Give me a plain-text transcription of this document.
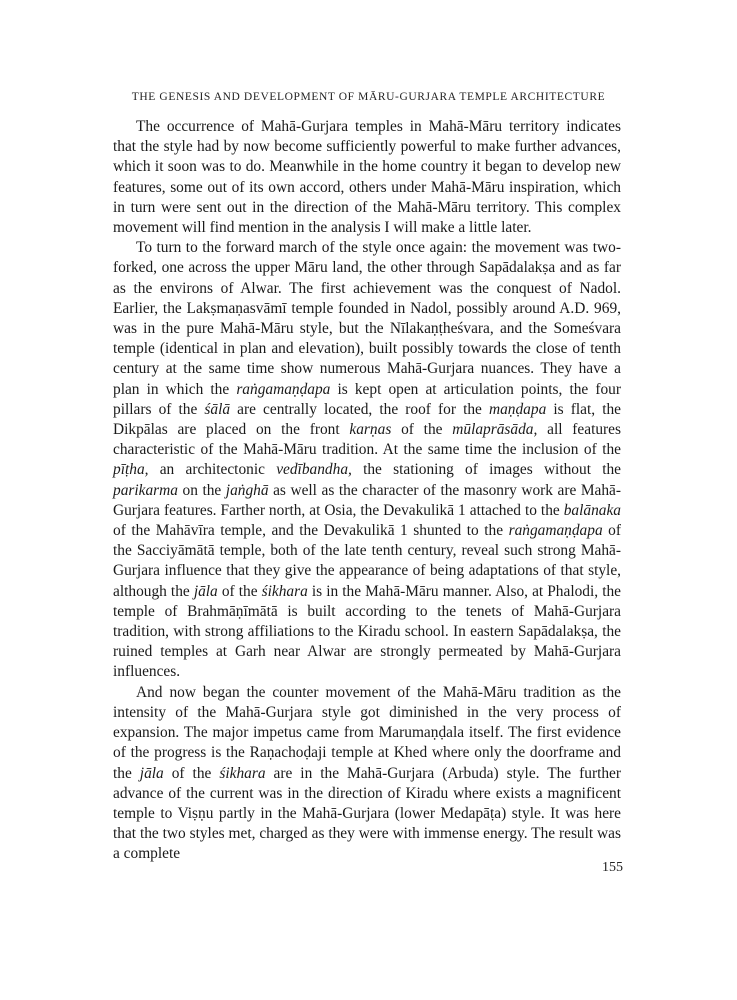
THE GENESIS AND DEVELOPMENT OF MĀRU-GURJARA TEMPLE ARCHITECTURE

The occurrence of Mahā-Gurjara temples in Mahā-Māru territory indicates that the style had by now become sufficiently powerful to make further advances, which it soon was to do. Meanwhile in the home country it began to develop new features, some out of its own accord, others under Mahā-Māru inspiration, which in turn were sent out in the direction of the Mahā-Māru territory. This complex movement will find mention in the analysis I will make a little later.

To turn to the forward march of the style once again: the movement was two-forked, one across the upper Māru land, the other through Sapādalakṣa and as far as the environs of Alwar. The first achievement was the conquest of Nadol. Earlier, the Lakṣmaṇasvāmī temple founded in Nadol, possibly around A.D. 969, was in the pure Mahā-Māru style, but the Nīlakaṇṭheśvara, and the Someśvara temple (identical in plan and elevation), built possibly towards the close of tenth century at the same time show numerous Mahā-Gurjara nuances. They have a plan in which the raṅgamaṇḍapa is kept open at articulation points, the four pillars of the śālā are centrally located, the roof for the maṇḍapa is flat, the Dikpālas are placed on the front karṇas of the mūlaprāsāda, all features characteristic of the Mahā-Māru tradition. At the same time the inclusion of the pīṭha, an architectonic vedībandha, the stationing of images without the parikarma on the jaṅghā as well as the character of the masonry work are Mahā-Gurjara features. Farther north, at Osia, the Devakulikā 1 attached to the balānaka of the Mahāvīra temple, and the Devakulikā 1 shunted to the raṅgamaṇḍapa of the Sacciyāmātā temple, both of the late tenth century, reveal such strong Mahā-Gurjara influence that they give the appearance of being adaptations of that style, although the jāla of the śikhara is in the Mahā-Māru manner. Also, at Phalodi, the temple of Brahmāṇīmātā is built according to the tenets of Mahā-Gurjara tradition, with strong affiliations to the Kiradu school. In eastern Sapādalakṣa, the ruined temples at Garh near Alwar are strongly permeated by Mahā-Gurjara influences.

And now began the counter movement of the Mahā-Māru tradition as the intensity of the Mahā-Gurjara style got diminished in the very process of expansion. The major impetus came from Marumaṇḍala itself. The first evidence of the progress is the Raṇachoḍaji temple at Khed where only the doorframe and the jāla of the śikhara are in the Mahā-Gurjara (Arbuda) style. The further advance of the current was in the direction of Kiradu where exists a magnificent temple to Viṣṇu partly in the Mahā-Gurjara (lower Medapāṭa) style. It was here that the two styles met, charged as they were with immense energy. The result was a complete

155
